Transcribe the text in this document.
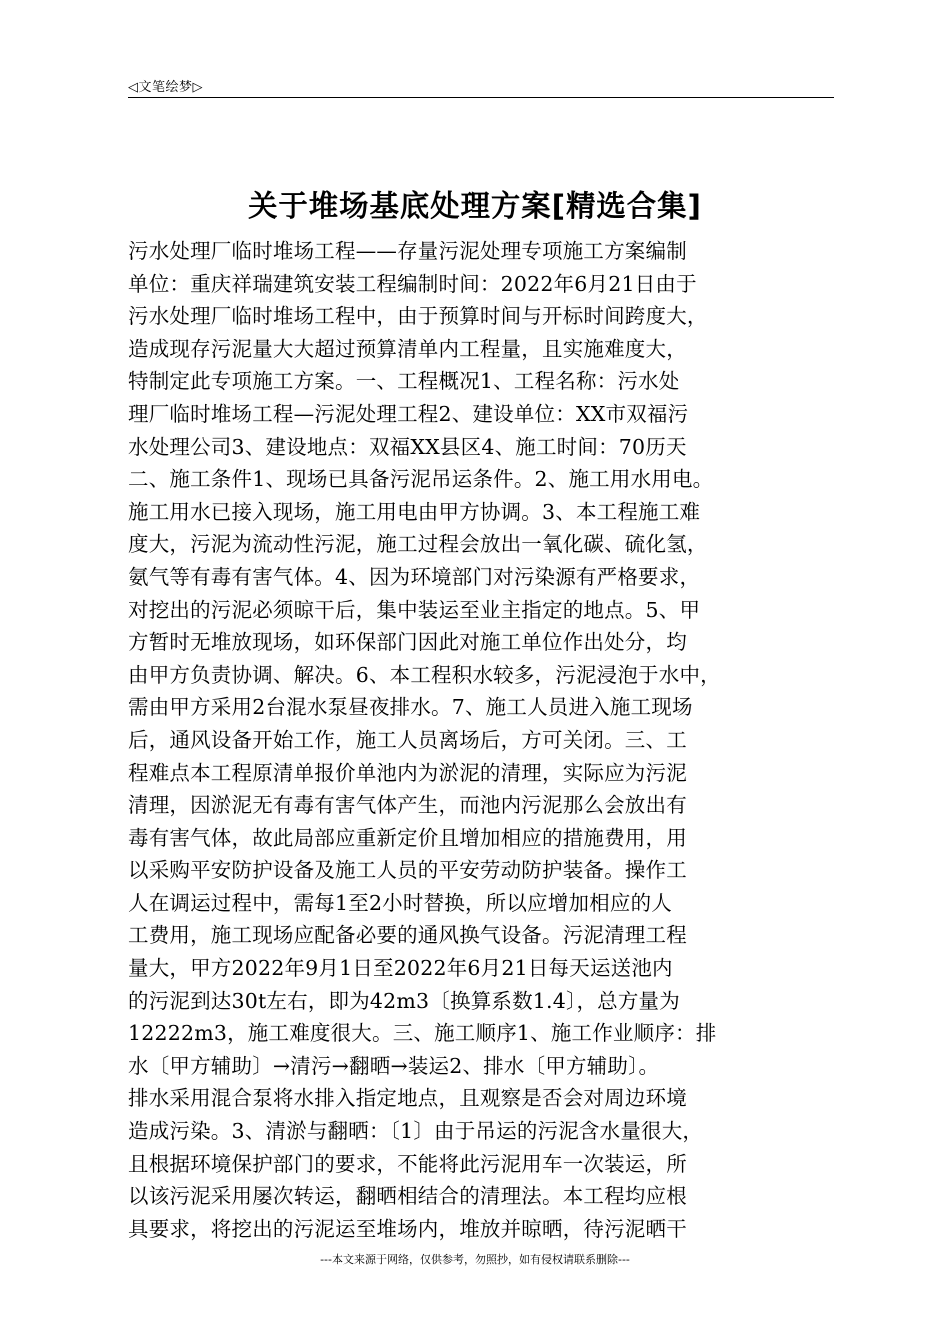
◁文笔绘梦▷
关于堆场基底处理方案[精选合集]
污水处理厂临时堆场工程——存量污泥处理专项施工方案编制
单位：重庆祥瑞建筑安装工程编制时间：2022年6月21日由于
污水处理厂临时堆场工程中，由于预算时间与开标时间跨度大，
造成现存污泥量大大超过预算清单内工程量，且实施难度大，
特制定此专项施工方案。一、工程概况1、工程名称：污水处
理厂临时堆场工程—污泥处理工程2、建设单位：XX市双福污
水处理公司3、建设地点：双福XX县区4、施工时间：70历天
二、施工条件1、现场已具备污泥吊运条件。2、施工用水用电。
施工用水已接入现场，施工用电由甲方协调。3、本工程施工难
度大，污泥为流动性污泥，施工过程会放出一氧化碳、硫化氢，
氨气等有毒有害气体。4、因为环境部门对污染源有严格要求，
对挖出的污泥必须晾干后，集中装运至业主指定的地点。5、甲
方暂时无堆放现场，如环保部门因此对施工单位作出处分，均
由甲方负责协调、解决。6、本工程积水较多，污泥浸泡于水中，
需由甲方采用2台混水泵昼夜排水。7、施工人员进入施工现场
后，通风设备开始工作，施工人员离场后，方可关闭。三、工
程难点本工程原清单报价单池内为淤泥的清理，实际应为污泥
清理，因淤泥无有毒有害气体产生，而池内污泥那么会放出有
毒有害气体，故此局部应重新定价且增加相应的措施费用，用
以采购平安防护设备及施工人员的平安劳动防护装备。操作工
人在调运过程中，需每1至2小时替换，所以应增加相应的人
工费用，施工现场应配备必要的通风换气设备。污泥清理工程
量大，甲方2022年9月1日至2022年6月21日每天运送池内
的污泥到达30t左右，即为42m3〔换算系数1.4〕，总方量为
12222m3，施工难度很大。三、施工顺序1、施工作业顺序：排
水〔甲方辅助〕→清污→翻晒→装运2、排水〔甲方辅助〕。
排水采用混合泵将水排入指定地点，且观察是否会对周边环境
造成污染。3、清淤与翻晒：〔1〕由于吊运的污泥含水量很大，
且根据环境保护部门的要求，不能将此污泥用车一次装运，所
以该污泥采用屡次转运，翻晒相结合的清理法。本工程均应根
具要求，将挖出的污泥运至堆场内，堆放并晾晒，待污泥晒干
---本文来源于网络，仅供参考，勿照抄，如有侵权请联系删除---
